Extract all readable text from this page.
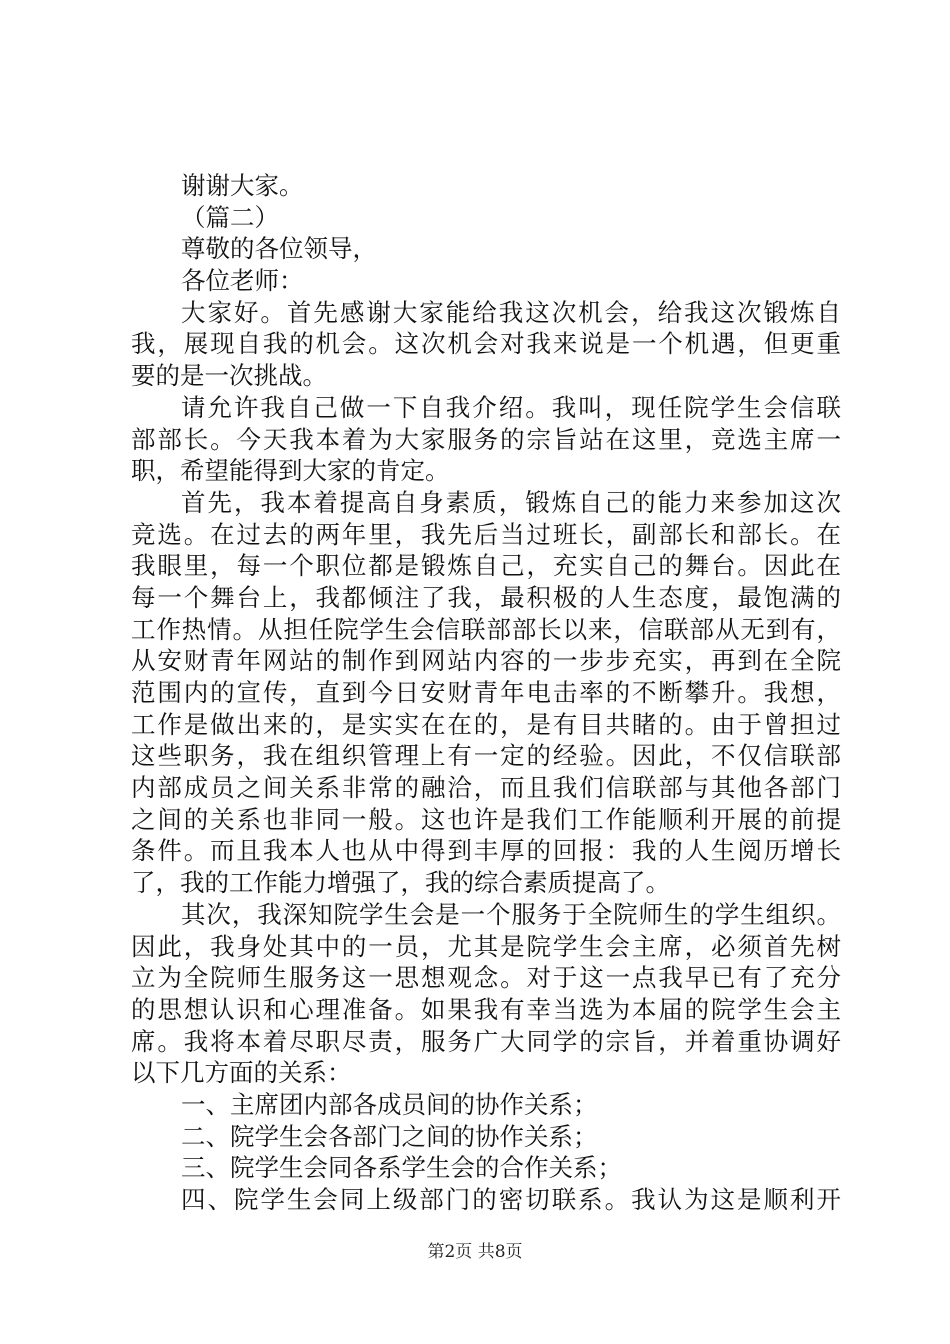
谢谢大家。
（篇二）
尊敬的各位领导，
各位老师：
大家好。首先感谢大家能给我这次机会，给我这次锻炼自
我，展现自我的机会。这次机会对我来说是一个机遇，但更重
要的是一次挑战。
请允许我自己做一下自我介绍。我叫，现任院学生会信联
部部长。今天我本着为大家服务的宗旨站在这里，竞选主席一
职，希望能得到大家的肯定。
首先，我本着提高自身素质，锻炼自己的能力来参加这次
竞选。在过去的两年里，我先后当过班长，副部长和部长。在
我眼里，每一个职位都是锻炼自己，充实自己的舞台。因此在
每一个舞台上，我都倾注了我，最积极的人生态度，最饱满的
工作热情。从担任院学生会信联部部长以来，信联部从无到有，
从安财青年网站的制作到网站内容的一步步充实，再到在全院
范围内的宣传，直到今日安财青年电击率的不断攀升。我想，
工作是做出来的，是实实在在的，是有目共睹的。由于曾担过
这些职务，我在组织管理上有一定的经验。因此，不仅信联部
内部成员之间关系非常的融洽，而且我们信联部与其他各部门
之间的关系也非同一般。这也许是我们工作能顺利开展的前提
条件。而且我本人也从中得到丰厚的回报：我的人生阅历增长
了，我的工作能力增强了，我的综合素质提高了。
其次，我深知院学生会是一个服务于全院师生的学生组织。
因此，我身处其中的一员，尤其是院学生会主席，必须首先树
立为全院师生服务这一思想观念。对于这一点我早已有了充分
的思想认识和心理准备。如果我有幸当选为本届的院学生会主
席。我将本着尽职尽责，服务广大同学的宗旨，并着重协调好
以下几方面的关系：
一、主席团内部各成员间的协作关系；
二、院学生会各部门之间的协作关系；
三、院学生会同各系学生会的合作关系；
四、院学生会同上级部门的密切联系。我认为这是顺利开
第2页 共8页
